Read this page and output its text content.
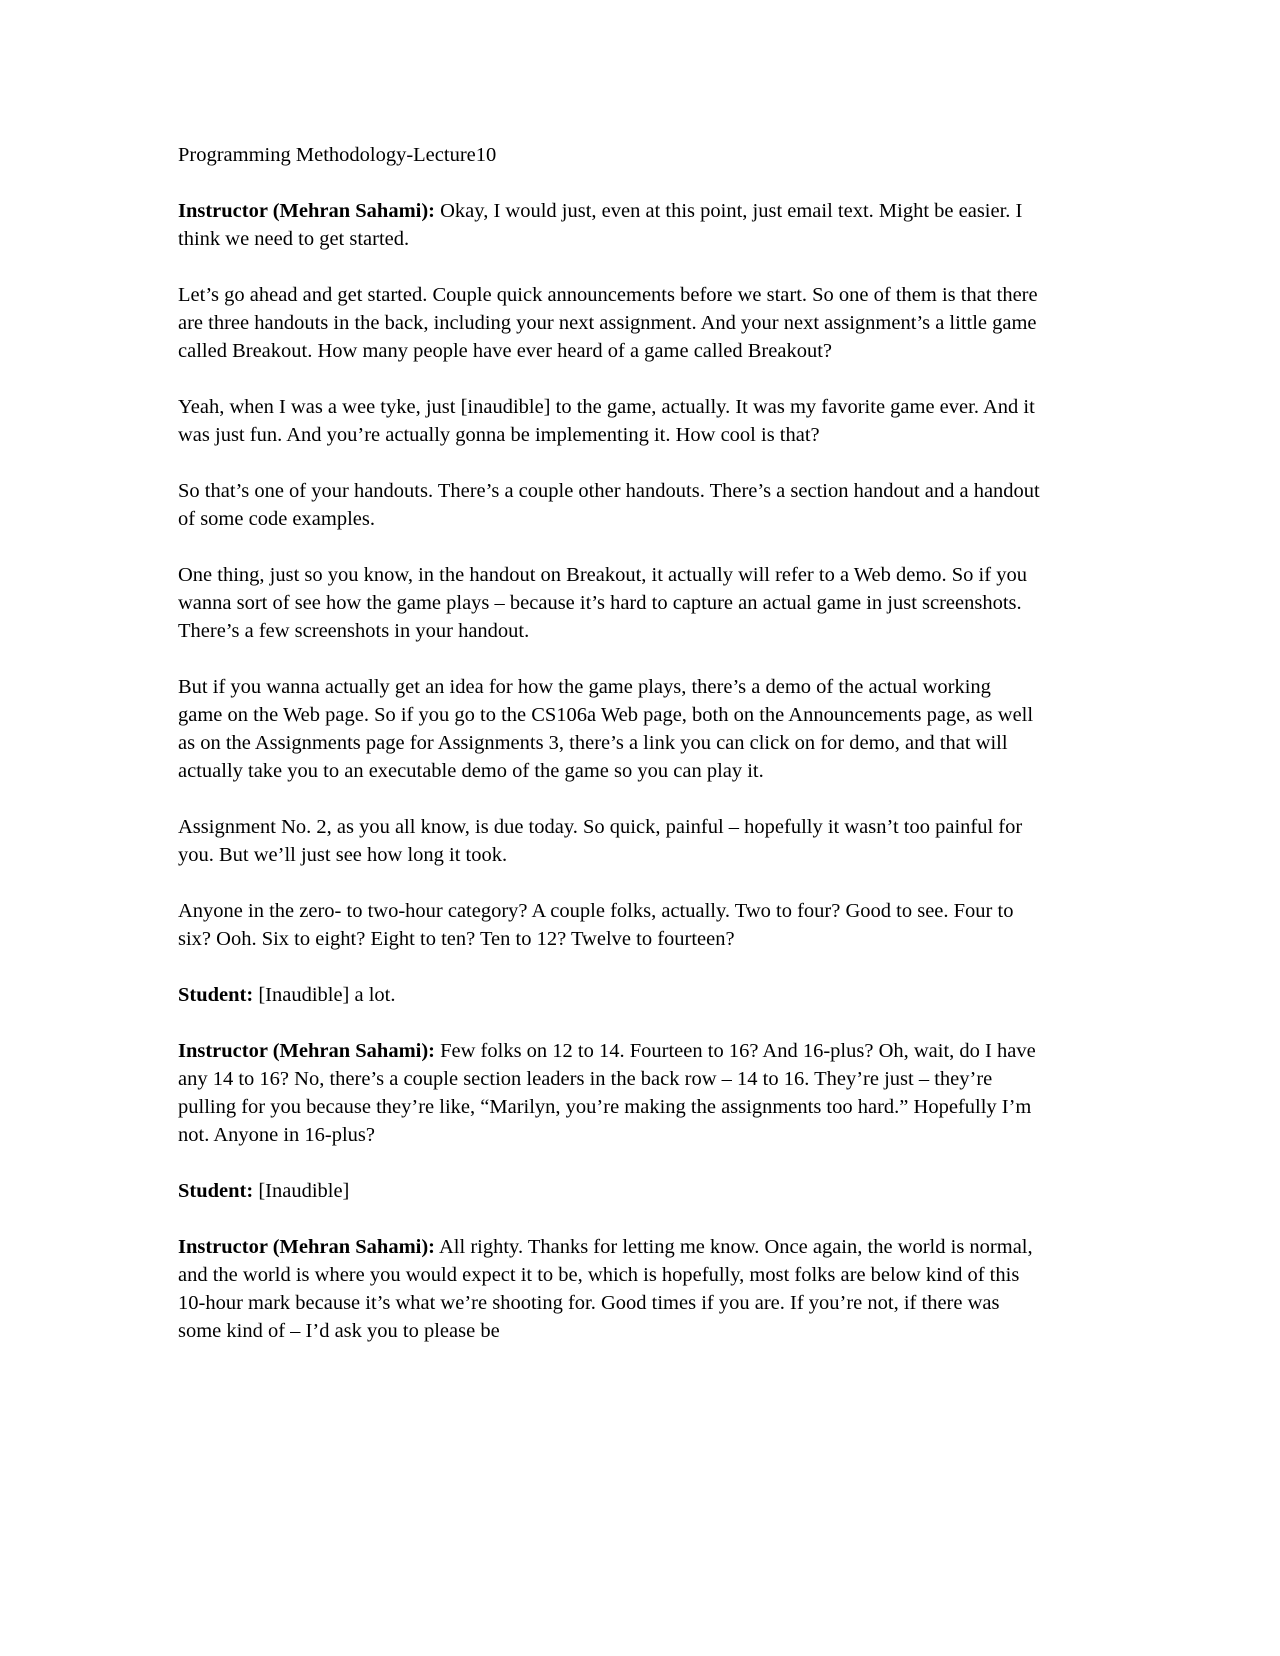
Programming Methodology-Lecture10

Instructor (Mehran Sahami): Okay, I would just, even at this point, just email text. Might be easier. I think we need to get started.

Let’s go ahead and get started. Couple quick announcements before we start. So one of them is that there are three handouts in the back, including your next assignment. And your next assignment’s a little game called Breakout. How many people have ever heard of a game called Breakout?

Yeah, when I was a wee tyke, just [inaudible] to the game, actually. It was my favorite game ever. And it was just fun. And you’re actually gonna be implementing it. How cool is that?

So that’s one of your handouts. There’s a couple other handouts. There’s a section handout and a handout of some code examples.

One thing, just so you know, in the handout on Breakout, it actually will refer to a Web demo. So if you wanna sort of see how the game plays – because it’s hard to capture an actual game in just screenshots. There’s a few screenshots in your handout.

But if you wanna actually get an idea for how the game plays, there’s a demo of the actual working game on the Web page. So if you go to the CS106a Web page, both on the Announcements page, as well as on the Assignments page for Assignments 3, there’s a link you can click on for demo, and that will actually take you to an executable demo of the game so you can play it.

Assignment No. 2, as you all know, is due today. So quick, painful – hopefully it wasn’t too painful for you. But we’ll just see how long it took.

Anyone in the zero- to two-hour category? A couple folks, actually. Two to four? Good to see. Four to six? Ooh. Six to eight? Eight to ten? Ten to 12? Twelve to fourteen?

Student: [Inaudible] a lot.

Instructor (Mehran Sahami): Few folks on 12 to 14. Fourteen to 16? And 16-plus? Oh, wait, do I have any 14 to 16? No, there’s a couple section leaders in the back row – 14 to 16. They’re just – they’re pulling for you because they’re like, “Marilyn, you’re making the assignments too hard.” Hopefully I’m not. Anyone in 16-plus?

Student: [Inaudible]

Instructor (Mehran Sahami): All righty. Thanks for letting me know. Once again, the world is normal, and the world is where you would expect it to be, which is hopefully, most folks are below kind of this 10-hour mark because it’s what we’re shooting for. Good times if you are. If you’re not, if there was some kind of – I’d ask you to please be
